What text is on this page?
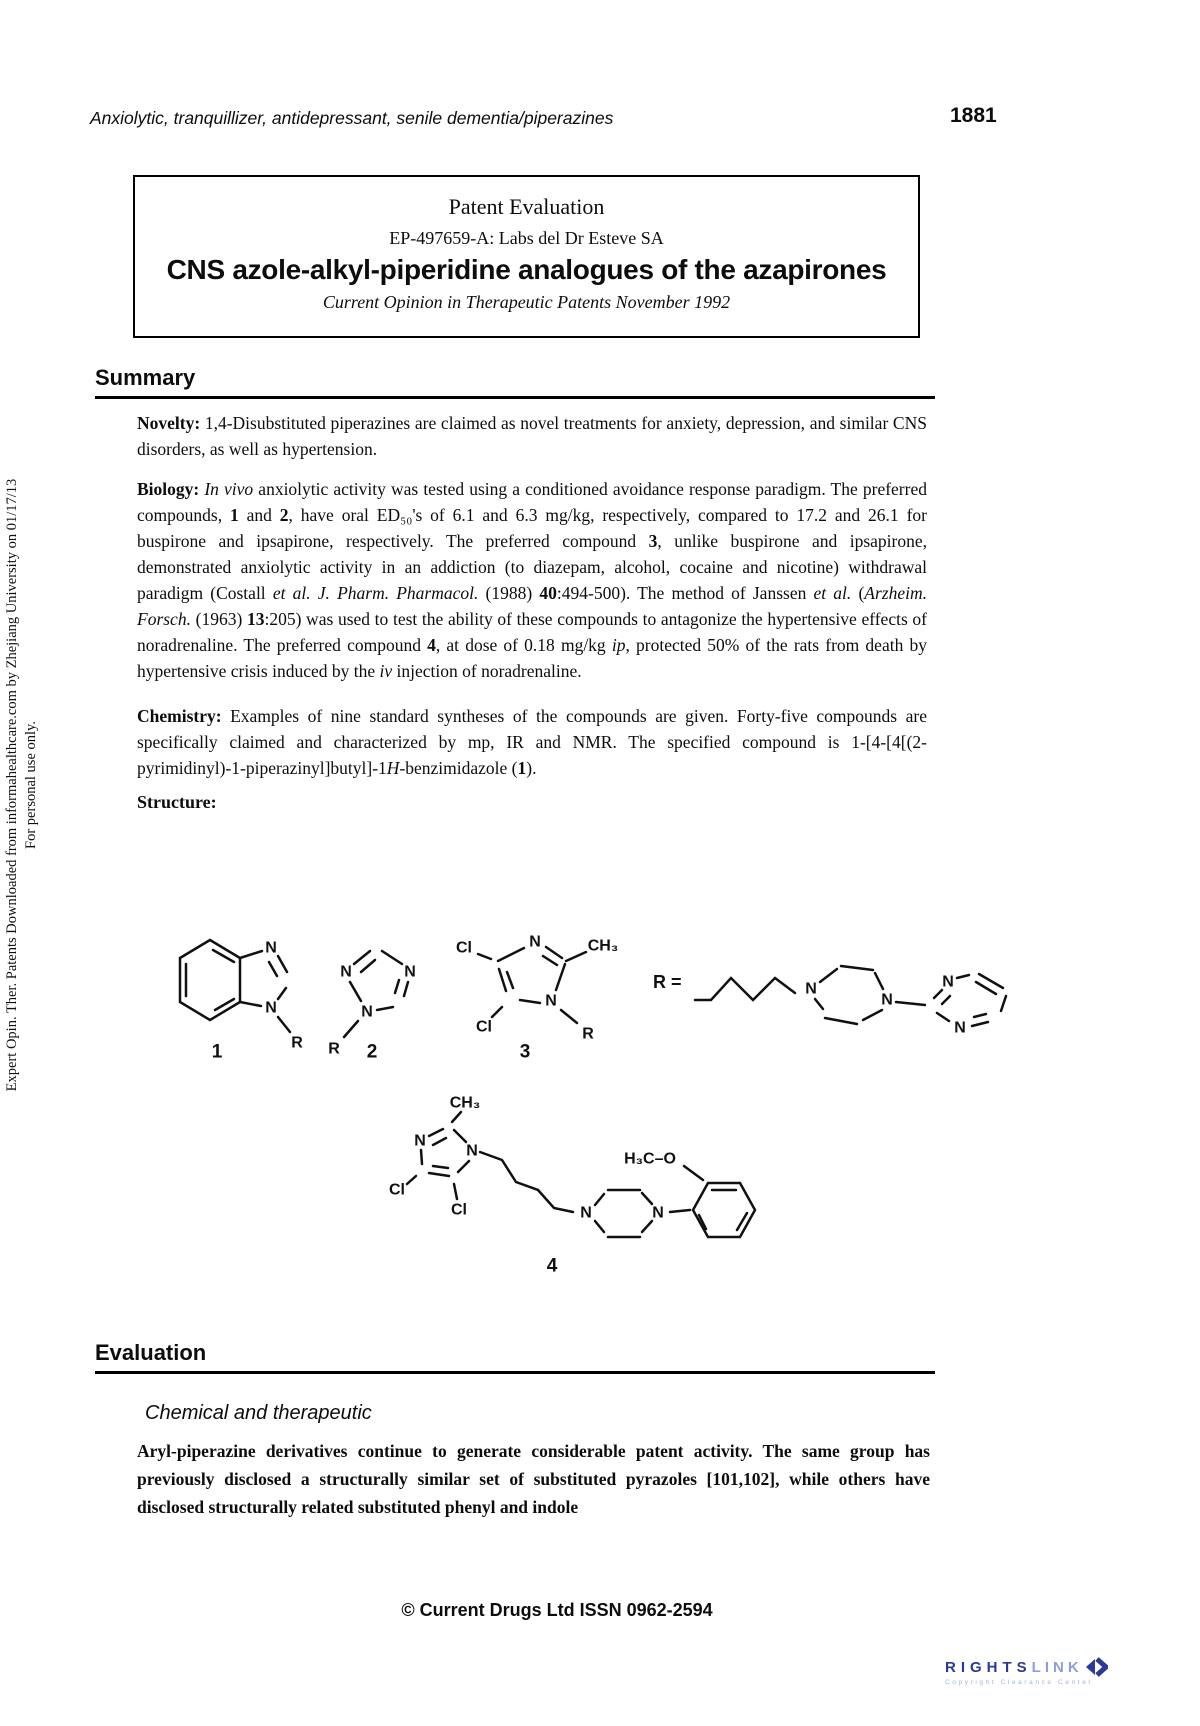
Expert Opin. Ther. Patents Downloaded from informahealthcare.com by Zhejiang University on 01/17/13 For personal use only.
Anxiolytic, tranquillizer, antidepressant, senile dementia/piperazines	1881
Patent Evaluation
EP-497659-A: Labs del Dr Esteve SA
CNS azole-alkyl-piperidine analogues of the azapirones
Current Opinion in Therapeutic Patents November 1992
Summary
Novelty: 1,4-Disubstituted piperazines are claimed as novel treatments for anxiety, depression, and similar CNS disorders, as well as hypertension.
Biology: In vivo anxiolytic activity was tested using a conditioned avoidance response paradigm. The preferred compounds, 1 and 2, have oral ED₅₀'s of 6.1 and 6.3 mg/kg, respectively, compared to 17.2 and 26.1 for buspirone and ipsapirone, respectively. The preferred compound 3, unlike buspirone and ipsapirone, demonstrated anxiolytic activity in an addiction (to diazepam, alcohol, cocaine and nicotine) withdrawal paradigm (Costall et al. J. Pharm. Pharmacol. (1988) 40:494-500). The method of Janssen et al. (Arzheim. Forsch. (1963) 13:205) was used to test the ability of these compounds to antagonize the hypertensive effects of noradrenaline. The preferred compound 4, at dose of 0.18 mg/kg ip, protected 50% of the rats from death by hypertensive crisis induced by the iv injection of noradrenaline.
Chemistry: Examples of nine standard syntheses of the compounds are given. Forty-five compounds are specifically claimed and characterized by mp, IR and NMR. The specified compound is 1-[4-[4[(2-pyrimidinyl)-1-piperazinyl]butyl]-1H-benzimidazole (1).
Structure:
N
N
R
1
N	N
N
R 2
Cl	N	CH₃
N
Cl	R
3
R =	N
N
N
N
CH₃
N
N
Cl
Cl	N	N
H₃C–O
4
Evaluation
Chemical and therapeutic
Aryl-piperazine derivatives continue to generate considerable patent activity. The same group has previously disclosed a structurally similar set of substituted pyrazoles [101,102], while others have disclosed structurally related substituted phenyl and indole
© Current Drugs Ltd ISSN 0962-2594
RIGHTS LINK
Copyright Clearance Center
